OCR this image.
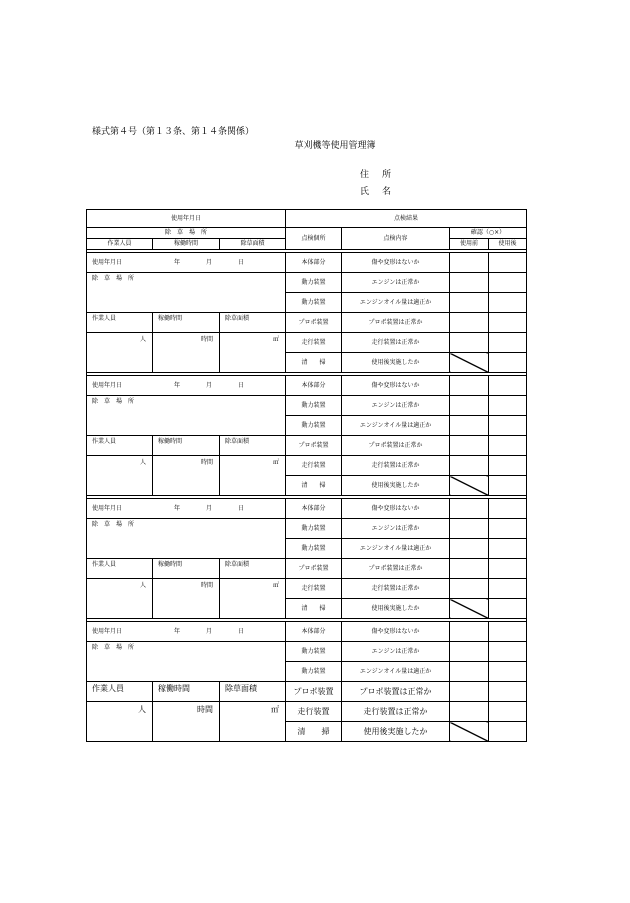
様式第４号（第１３条、第１４条関係）
草刈機等使用管理簿
住　所
氏　名
使用年月日			点検結果			
除　草　場　所			点検個所	点検内容	確認（○×）	
作業人員	稼働時間	除草面積			使用前	使用後

使用年月日 年 月 日			本体部分	傷や変形はないか		
除　草　場　所			動力装置	エンジンは正常か		
			動力装置	エンジンオイル量は適正か		
作業人員	稼働時間	除草面積	プロポ装置	プロポ装置は正常か		
人	時間	㎡	走行装置	走行装置は正常か		
			清　　掃	使用後実施したか		

使用年月日 年 月 日			本体部分	傷や変形はないか		
除　草　場　所			動力装置	エンジンは正常か		
			動力装置	エンジンオイル量は適正か		
作業人員	稼働時間	除草面積	プロポ装置	プロポ装置は正常か		
人	時間	㎡	走行装置	走行装置は正常か		
			清　　掃	使用後実施したか		

使用年月日 年 月 日			本体部分	傷や変形はないか		
除　草　場　所			動力装置	エンジンは正常か		
			動力装置	エンジンオイル量は適正か		
作業人員	稼働時間	除草面積	プロポ装置	プロポ装置は正常か		
人	時間	㎡	走行装置	走行装置は正常か		
			清　　掃	使用後実施したか		

使用年月日 年 月 日			本体部分	傷や変形はないか		
除　草　場　所			動力装置	エンジンは正常か		
			動力装置	エンジンオイル量は適正か		
作業人員	稼働時間	除草面積	プロポ装置	プロポ装置は正常か		
人	時間	㎡	走行装置	走行装置は正常か		
			清　　掃	使用後実施したか		
